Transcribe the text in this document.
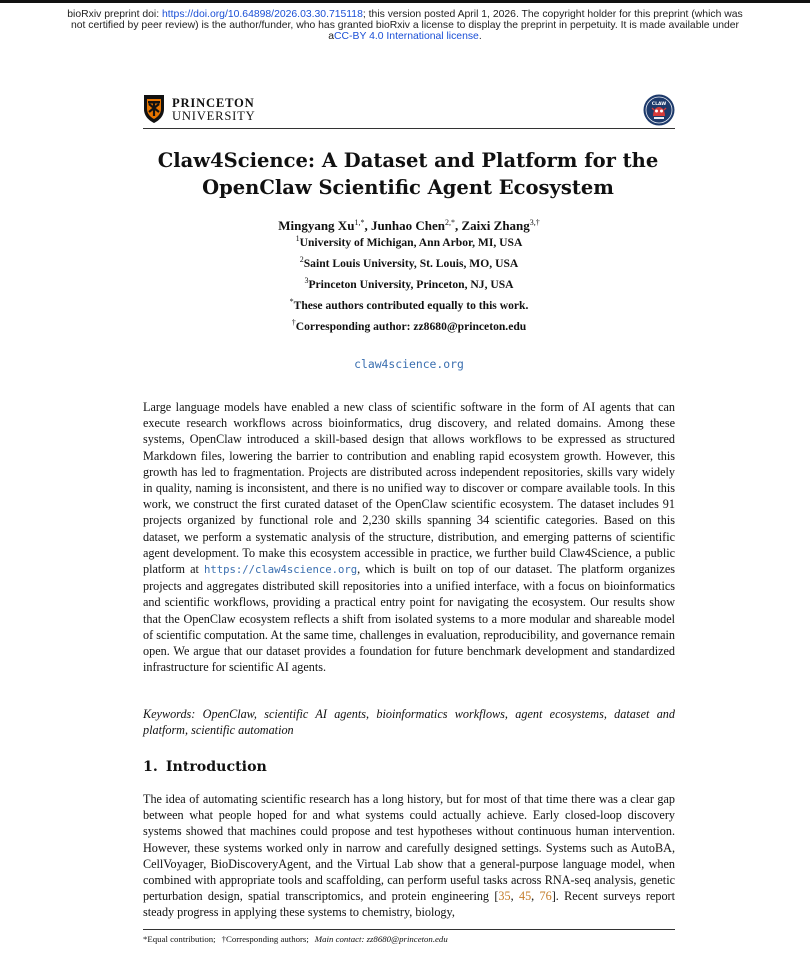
bioRxiv preprint doi: https://doi.org/10.64898/2026.03.30.715118; this version posted April 1, 2026. The copyright holder for this preprint (which was not certified by peer review) is the author/funder, who has granted bioRxiv a license to display the preprint in perpetuity. It is made available under aCC-BY 4.0 International license.
PRINCETON
UNIVERSITY
CLAW
Claw4Science: A Dataset and Platform for the
OpenClaw Scientific Agent Ecosystem
Mingyang $Xu^{1,*}$, Junhao Chen$^{2,*}$, Zaixi Zhang$^{3,\dagger}$
$^1$University of Michigan, Ann Arbor, MI, USA
$^2$Saint Louis University, St. Louis, MO, USA
$^3$Princeton University, Princeton, NJ, USA
*These authors contributed equally to this work.
†Corresponding author: zz8680@princeton.edu
claw4science.org
Large language models have enabled a new class of scientific software in the form of AI agents that can execute research workflows across bioinformatics, drug discovery, and related domains. Among these systems, OpenClaw introduced a skill-based design that allows workflows to be expressed as structured Markdown files, lowering the barrier to contribution and enabling rapid ecosystem growth. However, this growth has led to fragmentation. Projects are distributed across independent repositories, skills vary widely in quality, naming is inconsistent, and there is no unified way to discover or compare available tools. In this work, we construct the first curated dataset of the OpenClaw scientific ecosystem. The dataset includes 91 projects organized by functional role and 2,230 skills spanning 34 scientific categories. Based on this dataset, we perform a systematic analysis of the structure, distribution, and emerging patterns of scientific agent development. To make this ecosystem accessible in practice, we further build Claw4Science, a public platform at https://claw4science.org, which is built on top of our dataset. The platform organizes projects and aggregates distributed skill repositories into a unified interface, with a focus on bioinformatics and scientific workflows, providing a practical entry point for navigating the ecosystem. Our results show that the OpenClaw ecosystem reflects a shift from isolated systems to a more modular and shareable model of scientific computation. At the same time, challenges in evaluation, reproducibility, and governance remain open. We argue that our dataset provides a foundation for future benchmark development and standardized infrastructure for scientific AI agents.
Keywords: OpenClaw, scientific AI agents, bioinformatics workflows, agent ecosystems, dataset and platform, scientific automation
1. Introduction
The idea of automating scientific research has a long history, but for most of that time there was a clear gap between what people hoped for and what systems could actually achieve. Early closed-loop discovery systems showed that machines could propose and test hypotheses without continuous human intervention. However, these systems worked only in narrow and carefully designed settings. Systems such as AutoBA, CellVoyager, BioDiscoveryAgent, and the Virtual Lab show that a general-purpose language model, when combined with appropriate tools and scaffolding, can perform useful tasks across RNA-seq analysis, genetic perturbation design, spatial transcriptomics, and protein engineering [35, 45, 76]. Recent surveys report steady progress in applying these systems to chemistry, biology,
*Equal contribution; †Corresponding authors; Main contact: zz8680@princeton.edu
